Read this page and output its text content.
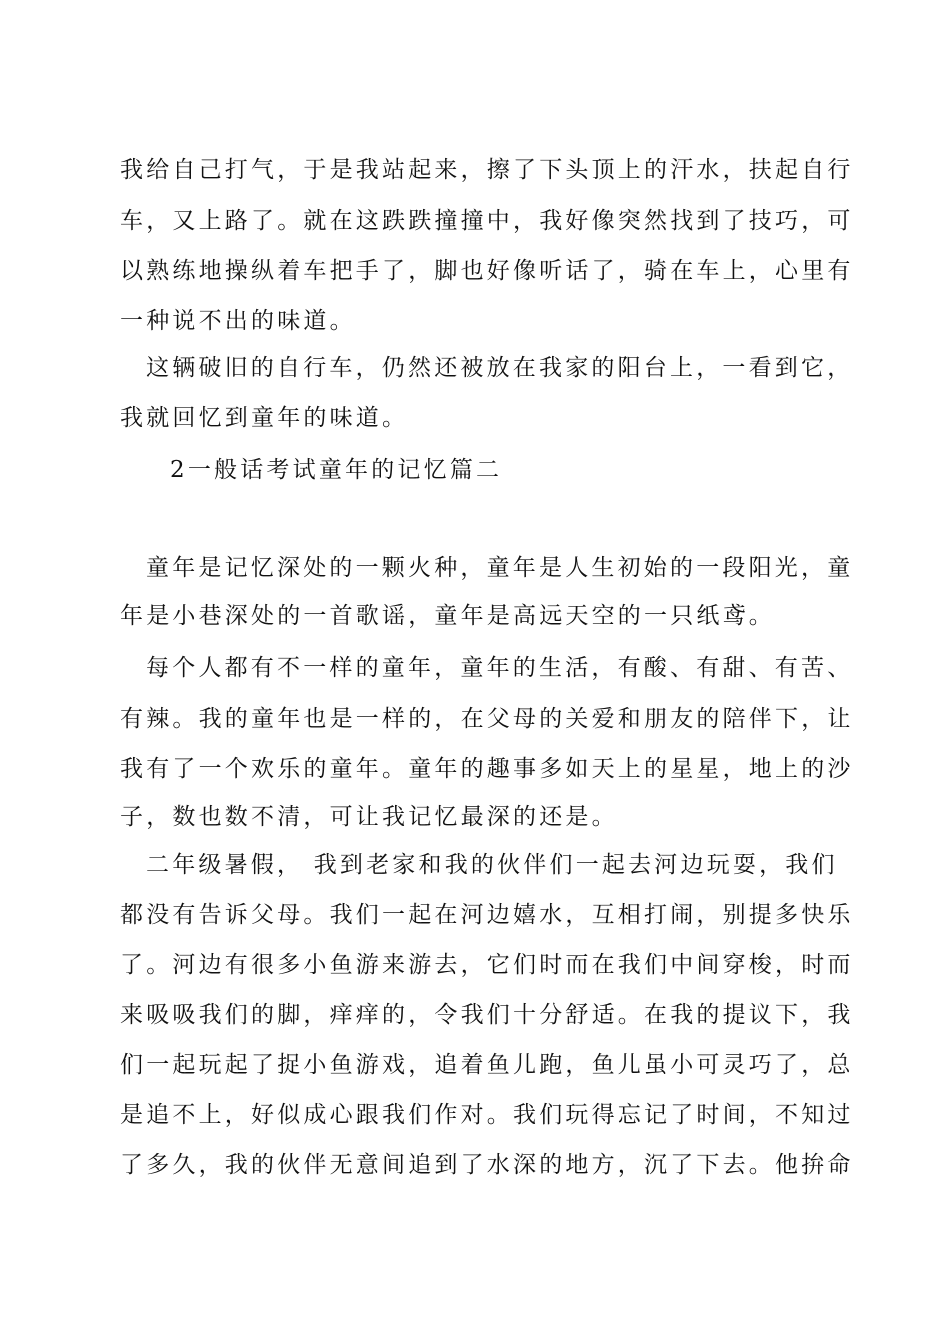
我给自己打气，于是我站起来，擦了下头顶上的汗水，扶起自行
车，又上路了。就在这跌跌撞撞中，我好像突然找到了技巧，可
以熟练地操纵着车把手了，脚也好像听话了，骑在车上，心里有
一种说不出的味道。
这辆破旧的自行车，仍然还被放在我家的阳台上，一看到它，
我就回忆到童年的味道。
2一般话考试童年的记忆篇二
童年是记忆深处的一颗火种，童年是人生初始的一段阳光，童
年是小巷深处的一首歌谣，童年是高远天空的一只纸鸢。
每个人都有不一样的童年，童年的生活，有酸、有甜、有苦、
有辣。我的童年也是一样的，在父母的关爱和朋友的陪伴下，让
我有了一个欢乐的童年。童年的趣事多如天上的星星，地上的沙
子，数也数不清，可让我记忆最深的还是。
二年级暑假， 我到老家和我的伙伴们一起去河边玩耍，我们
都没有告诉父母。我们一起在河边嬉水，互相打闹，别提多快乐
了。河边有很多小鱼游来游去，它们时而在我们中间穿梭，时而
来吸吸我们的脚，痒痒的，令我们十分舒适。在我的提议下，我
们一起玩起了捉小鱼游戏，追着鱼儿跑，鱼儿虽小可灵巧了，总
是追不上，好似成心跟我们作对。我们玩得忘记了时间，不知过
了多久，我的伙伴无意间追到了水深的地方，沉了下去。他拚命
